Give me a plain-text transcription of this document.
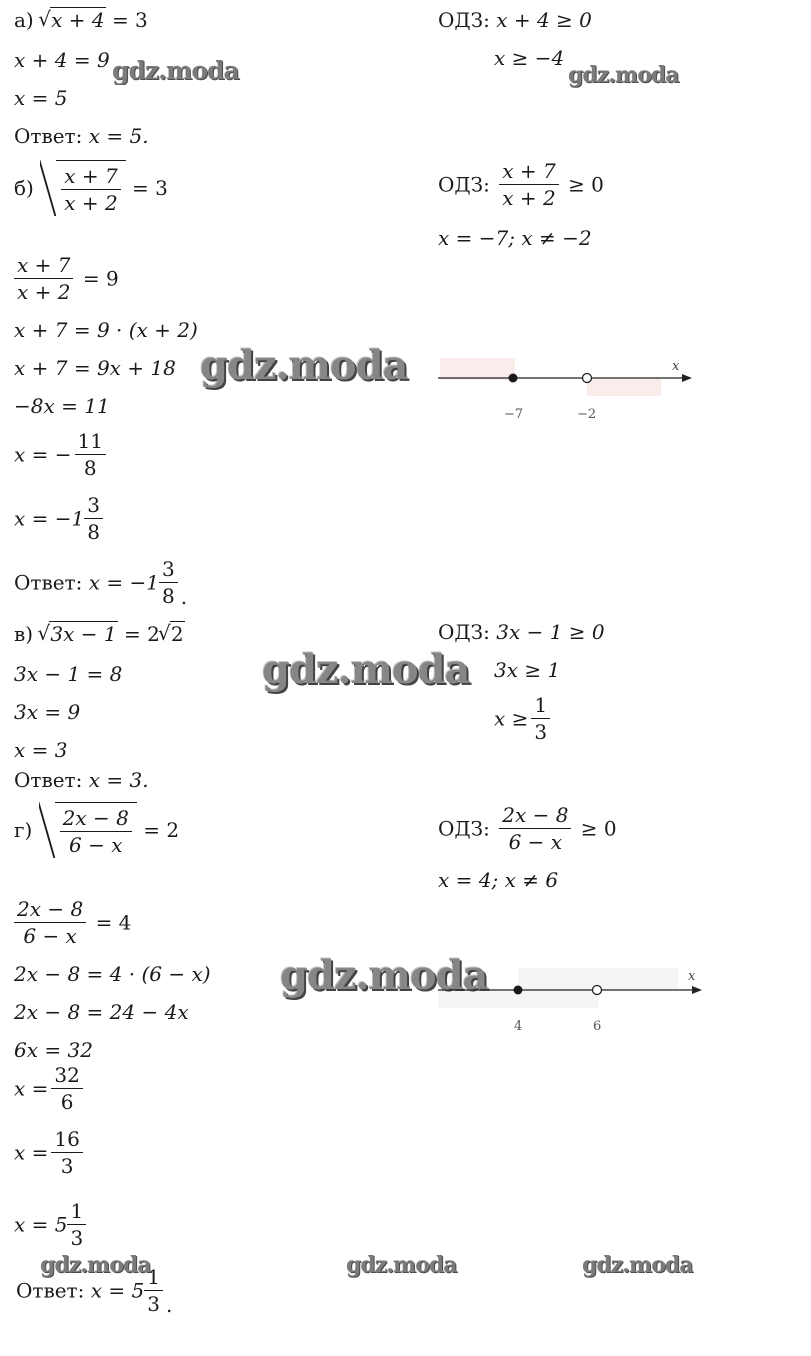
а) √ x + 4 = 3
x + 4 = 9
x = 5
Ответ: x = 5.
ОДЗ: x + 4 ≥ 0
x ≥ −4
$б) \frac{x + 7}{x + 2} = 3$
$\frac{x + 7}{x + 2} = 9$
x + 7 = 9 · (x + 2)
x + 7 = 9x + 18
−8x = 11
x = − $\frac{11}{8}$
$x = -1 \frac{3}{8}$
Ответ: $x = -1 \frac{3}{8}$ .
ОДЗ: $\frac{x + 7}{x + 2} \ge 0$
x = −7; x ≠ −2
x
−7	−2
в) √ 3x − 1 = 2 √ 2
3x − 1 = 8
3x = 9
x = 3
Ответ: x = 3.
ОДЗ: 3x − 1 ≥ 0
3x ≥ 1
$x \ge \frac{1}{3}$
$г) \frac{2x - 8}{6 - x} = 2$
$\frac{2x - 8}{6 - x} = 4$
2x − 8 = 4 · (6 − x)
2x − 8 = 24 − 4x
6x = 32
$x = \frac{32}{6}$
$x = \frac{16}{3}$
$x = 5 \frac{1}{3}$
Ответ: $x = 5 \frac{1}{3}$ .
ОДЗ: $\frac{2x - 8}{6 - x} \ge 0$
x = 4; x ≠ 6
x
4	6
gdz.moda	gdz.moda
gdz.moda
gdz.moda
gdz.moda
gdz.moda	gdz.moda	gdz.moda
